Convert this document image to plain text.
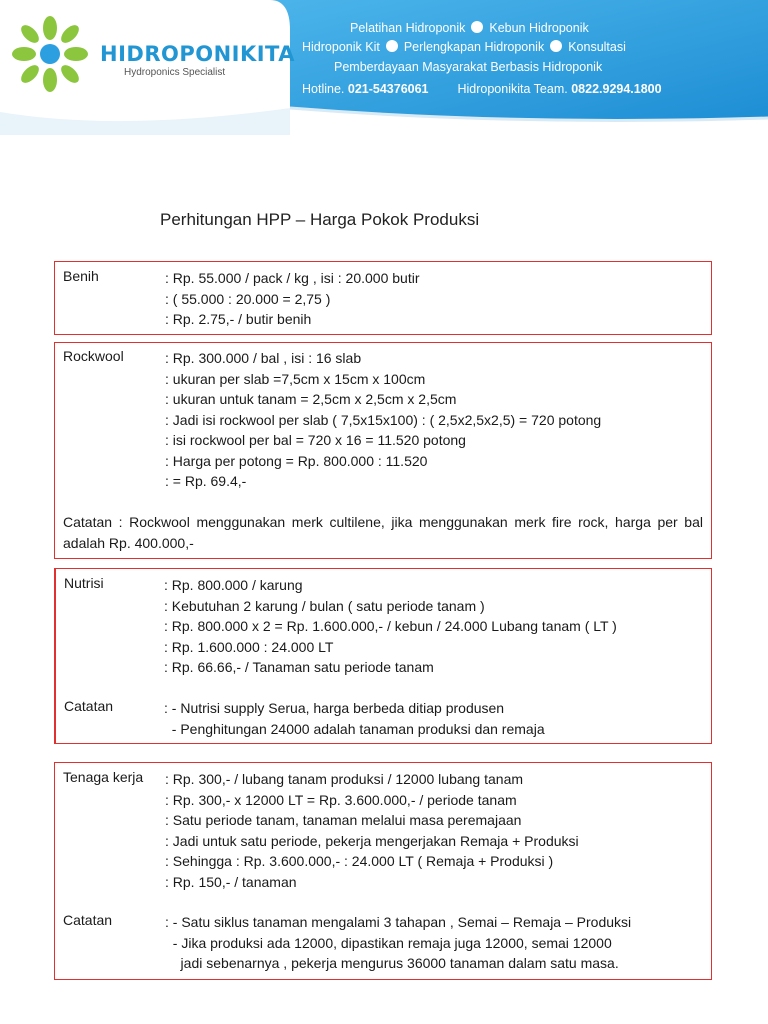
HIDROPONIKITA
Hydroponics Specialist
Pelatihan Hidroponik Kebun Hidroponik
Hidroponik Kit Perlengkapan Hidroponik Konsultasi
Pemberdayaan Masyarakat Berbasis Hidroponik
Hotline. 021-54376061 Hidroponikita Team. 0822.9294.1800
Perhitungan HPP – Harga Pokok Produksi
Benih	: Rp. 55.000 / pack / kg , isi : 20.000 butir
: ( 55.000 : 20.000 = 2,75 )
: Rp. 2.75,- / butir benih
Rockwool	: Rp. 300.000 / bal , isi : 16 slab
: ukuran per slab =7,5cm x 15cm x 100cm
: ukuran untuk tanam = 2,5cm x 2,5cm x 2,5cm
: Jadi isi rockwool per slab ( 7,5x15x100) : ( 2,5x2,5x2,5) = 720 potong
: isi rockwool per bal = 720 x 16 = 11.520 potong
: Harga per potong = Rp. 800.000 : 11.520
: = Rp. 69.4,-
Catatan : Rockwool menggunakan merk cultilene, jika menggunakan merk fire rock, harga per bal adalah Rp. 400.000,-
Nutrisi	: Rp. 800.000 / karung
: Kebutuhan 2 karung / bulan ( satu periode tanam )
: Rp. 800.000 x 2 = Rp. 1.600.000,- / kebun / 24.000 Lubang tanam ( LT )
: Rp. 1.600.000 : 24.000 LT
: Rp. 66.66,- / Tanaman satu periode tanam
Catatan	: - Nutrisi supply Serua, harga berbeda ditiap produsen
- Penghitungan 24000 adalah tanaman produksi dan remaja
Tenaga kerja : Rp. 300,- / lubang tanam produksi / 12000 lubang tanam
: Rp. 300,- x 12000 LT = Rp. 3.600.000,- / periode tanam
: Satu periode tanam, tanaman melalui masa peremajaan
: Jadi untuk satu periode, pekerja mengerjakan Remaja + Produksi
: Sehingga : Rp. 3.600.000,- : 24.000 LT ( Remaja + Produksi )
: Rp. 150,- / tanaman
Catatan	: - Satu siklus tanaman mengalami 3 tahapan , Semai – Remaja – Produksi
- Jika produksi ada 12000, dipastikan remaja juga 12000, semai 12000
jadi sebenarnya , pekerja mengurus 36000 tanaman dalam satu masa.
